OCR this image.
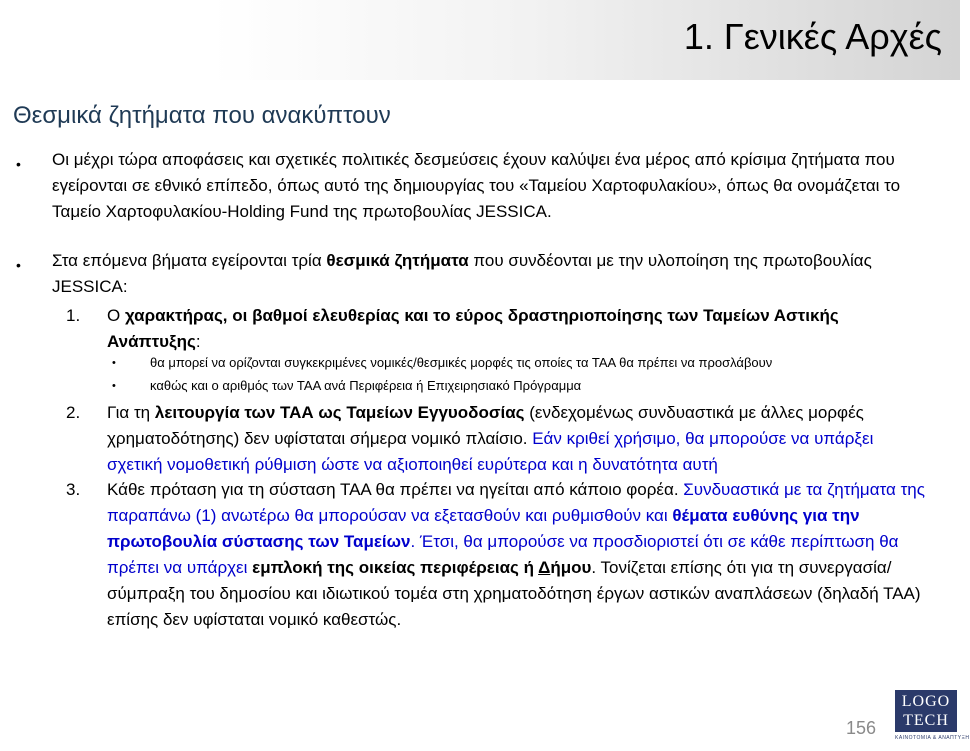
1. Γενικές Αρχές
Θεσμικά ζητήματα που ανακύπτουν
• Οι μέχρι τώρα αποφάσεις και σχετικές πολιτικές δεσμεύσεις έχουν καλύψει ένα μέρος από κρίσιμα ζητήματα που εγείρονται σε εθνικό επίπεδο, όπως αυτό της δημιουργίας του «Ταμείου Χαρτοφυλακίου», όπως θα ονομάζεται το Ταμείο Χαρτοφυλακίου-Holding Fund της πρωτοβουλίας JESSICA.
• Στα επόμενα βήματα εγείρονται τρία θεσμικά ζητήματα που συνδέονται με την υλοποίηση της πρωτοβουλίας JESSICA:
1. Ο χαρακτήρας, οι βαθμοί ελευθερίας και το εύρος δραστηριοποίησης των Ταμείων Αστικής Ανάπτυξης:
•	θα μπορεί να ορίζονται συγκεκριμένες νομικές/θεσμικές μορφές τις οποίες τα ΤΑΑ θα πρέπει να προσλάβουν
•	καθώς και ο αριθμός των ΤΑΑ ανά Περιφέρεια ή Επιχειρησιακό Πρόγραμμα
2. Για τη λειτουργία των ΤΑΑ ως Ταμείων Εγγυοδοσίας (ενδεχομένως συνδυαστικά με άλλες μορφές χρηματοδότησης) δεν υφίσταται σήμερα νομικό πλαίσιο. Εάν κριθεί χρήσιμο, θα μπορούσε να υπάρξει σχετική νομοθετική ρύθμιση ώστε να αξιοποιηθεί ευρύτερα και η δυνατότητα αυτή
3. Κάθε πρόταση για τη σύσταση ΤΑΑ θα πρέπει να ηγείται από κάποιο φορέα. Συνδυαστικά με τα ζητήματα της παραπάνω (1) ανωτέρω θα μπορούσαν να εξετασθούν και ρυθμισθούν και θέματα ευθύνης για την πρωτοβουλία σύστασης των Ταμείων. Έτσι, θα μπορούσε να προσδιοριστεί ότι σε κάθε περίπτωση θα πρέπει να υπάρχει εμπλοκή της οικείας περιφέρειας ή Δήμου. Τονίζεται επίσης ότι για τη συνεργασία/σύμπραξη του δημοσίου και ιδιωτικού τομέα στη χρηματοδότηση έργων αστικών αναπλάσεων (δηλαδή ΤΑΑ) επίσης δεν υφίσταται νομικό καθεστώς.
156
LOGO
TECH
ΚΑΙΝΟΤΟΜΙΑ & ΑΝΑΠΤΥΞΗ
